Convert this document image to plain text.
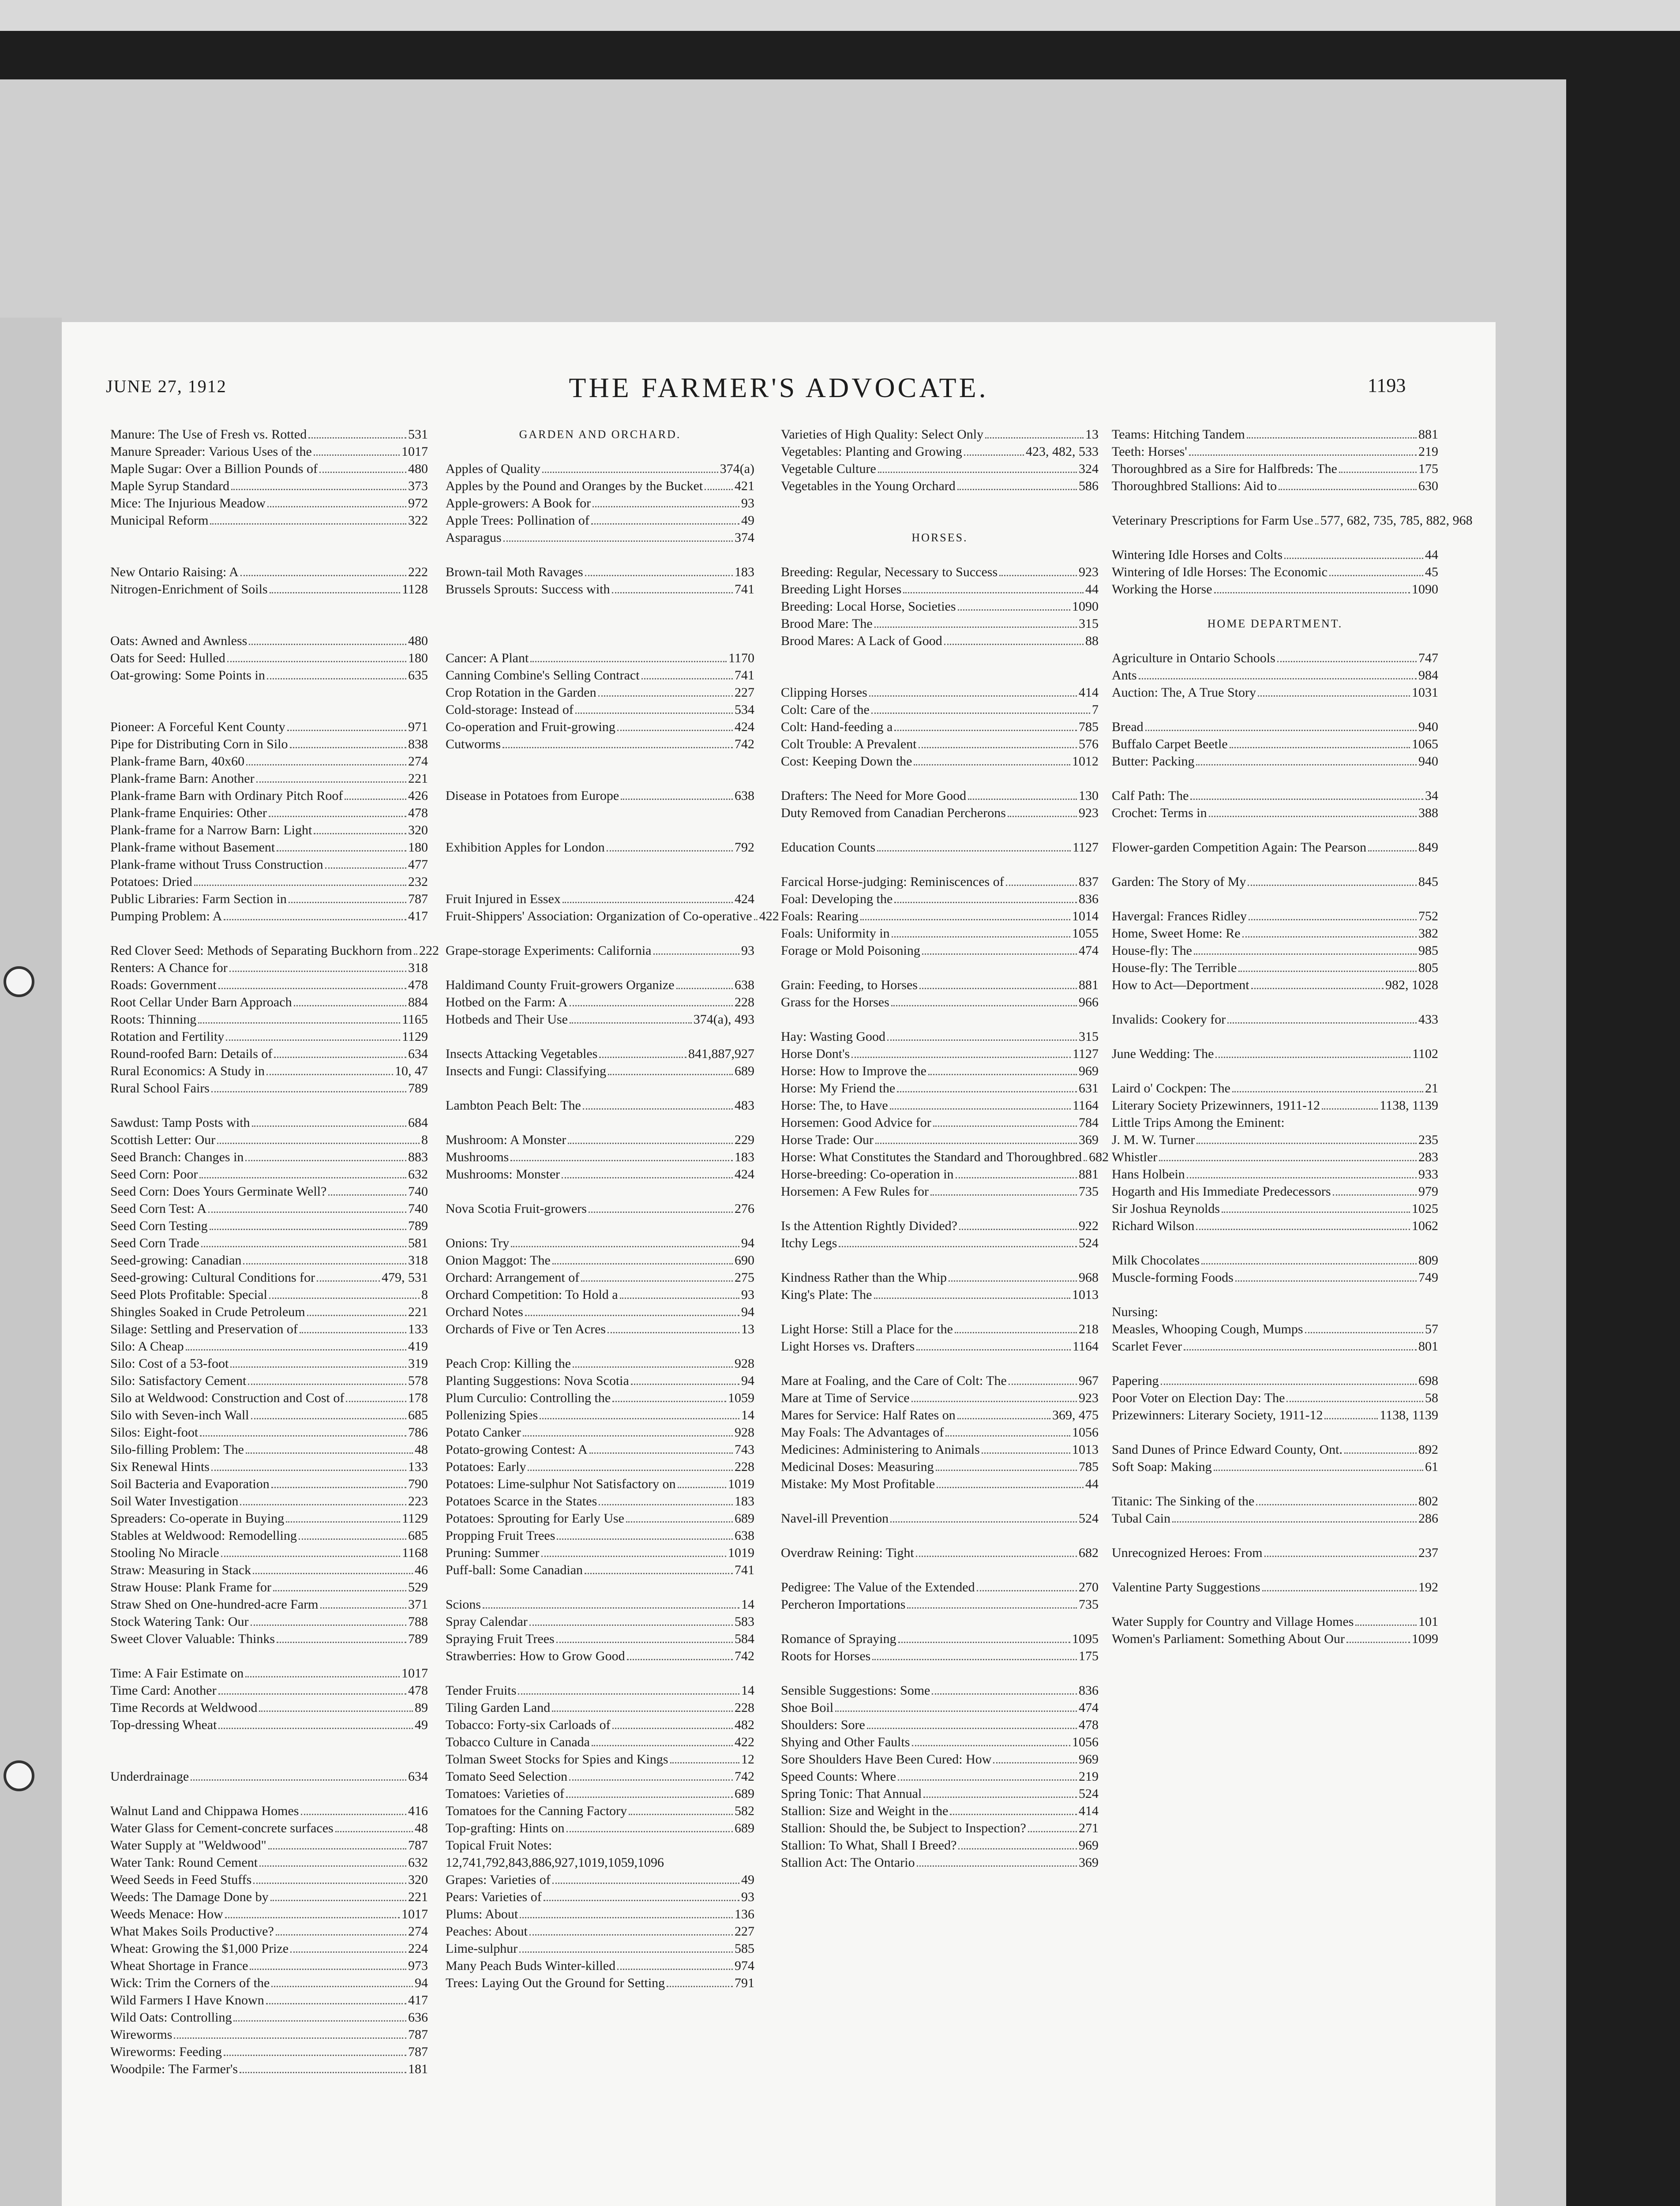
JUNE 27, 1912	THE FARMER'S ADVOCATE.	1193
Manure: The Use of Fresh vs. Rotted	531
Manure Spreader: Various Uses of the	1017
Maple Sugar: Over a Billion Pounds of	480
Maple Syrup Standard	373
Mice: The Injurious Meadow	972
Municipal Reform	322
New Ontario Raising: A	222
Nitrogen-Enrichment of Soils	1128
Oats: Awned and Awnless	480
Oats for Seed: Hulled	180
Oat-growing: Some Points in	635
Pioneer: A Forceful Kent County	971
Pipe for Distributing Corn in Silo	838
Plank-frame Barn, 40x60	274
Plank-frame Barn: Another	221
Plank-frame Barn with Ordinary Pitch Roof	426
Plank-frame Enquiries: Other	478
Plank-frame for a Narrow Barn: Light	320
Plank-frame without Basement	180
Plank-frame without Truss Construction	477
Potatoes: Dried	232
Public Libraries: Farm Section in	787
Pumping Problem: A	417
Red Clover Seed: Methods of Separating Buckhorn from 222
Renters: A Chance for	318
Roads: Government	478
Root Cellar Under Barn Approach	884
Roots: Thinning	1165
Rotation and Fertility	1129
Round-roofed Barn: Details of	634
Rural Economics: A Study in	10, 47
Rural School Fairs	789
Sawdust: Tamp Posts with	684
Scottish Letter: Our	8
Seed Branch: Changes in	883
Seed Corn: Poor	632
Seed Corn: Does Yours Germinate Well?	740
Seed Corn Test: A	740
Seed Corn Testing	789
Seed Corn Trade	581
Seed-growing: Canadian	318
Seed-growing: Cultural Conditions for	479, 531
Seed Plots Profitable: Special	8
Shingles Soaked in Crude Petroleum	221
Silage: Settling and Preservation of	133
Silo: A Cheap	419
Silo: Cost of a 53-foot	319
Silo: Satisfactory Cement	578
Silo at Weldwood: Construction and Cost of	178
Silo with Seven-inch Wall	685
Silos: Eight-foot	786
Silo-filling Problem: The	48
Six Renewal Hints	133
Soil Bacteria and Evaporation	790
Soil Water Investigation	223
Spreaders: Co-operate in Buying	1129
Stables at Weldwood: Remodelling	685
Stooling No Miracle	1168
Straw: Measuring in Stack	46
Straw House: Plank Frame for	529
Straw Shed on One-hundred-acre Farm	371
Stock Watering Tank: Our	788
Sweet Clover Valuable: Thinks	789
Time: A Fair Estimate on	1017
Time Card: Another	478
Time Records at Weldwood	89
Top-dressing Wheat	49
Underdrainage	634
Walnut Land and Chippawa Homes	416
Water Glass for Cement-concrete surfaces	48
Water Supply at "Weldwood"	787
Water Tank: Round Cement	632
Weed Seeds in Feed Stuffs	320
Weeds: The Damage Done by	221
Weeds Menace: How	1017
What Makes Soils Productive?	274
Wheat: Growing the $1,000 Prize	224
Wheat Shortage in France	973
Wick: Trim the Corners of the	94
Wild Farmers I Have Known	417
Wild Oats: Controlling	636
Wireworms	787
Wireworms: Feeding	787
Woodpile: The Farmer's	181
GARDEN AND ORCHARD.
Apples of Quality	374(a)
Apples by the Pound and Oranges by the Bucket 421
Apple-growers: A Book for	93
Apple Trees: Pollination of	49
Asparagus	374
Brown-tail Moth Ravages	183
Brussels Sprouts: Success with	741
Cancer: A Plant	1170
Canning Combine's Selling Contract	741
Crop Rotation in the Garden	227
Cold-storage: Instead of	534
Co-operation and Fruit-growing	424
Cutworms	742
Disease in Potatoes from Europe	638
Exhibition Apples for London	792
Fruit Injured in Essex	424
Fruit-Shippers' Association: Organization of Co-operative 422
Grape-storage Experiments: California	93
Haldimand County Fruit-growers Organize	638
Hotbed on the Farm: A	228
Hotbeds and Their Use	374(a), 493
Insects Attacking Vegetables	841,887,927
Insects and Fungi: Classifying	689
Lambton Peach Belt: The	483
Mushroom: A Monster	229
Mushrooms	183
Mushrooms: Monster	424
Nova Scotia Fruit-growers	276
Onions: Try	94
Onion Maggot: The	690
Orchard: Arrangement of	275
Orchard Competition: To Hold a	93
Orchard Notes	94
Orchards of Five or Ten Acres	13
Peach Crop: Killing the	928
Planting Suggestions: Nova Scotia	94
Plum Curculio: Controlling the	1059
Pollenizing Spies	14
Potato Canker	928
Potato-growing Contest: A	743
Potatoes: Early	228
Potatoes: Lime-sulphur Not Satisfactory on	1019
Potatoes Scarce in the States	183
Potatoes: Sprouting for Early Use	689
Propping Fruit Trees	638
Pruning: Summer	1019
Puff-ball: Some Canadian	741
Scions	14
Spray Calendar	583
Spraying Fruit Trees	584
Strawberries: How to Grow Good	742
Tender Fruits	14
Tiling Garden Land	228
Tobacco: Forty-six Carloads of	482
Tobacco Culture in Canada	422
Tolman Sweet Stocks for Spies and Kings	12
Tomato Seed Selection	742
Tomatoes: Varieties of	689
Tomatoes for the Canning Factory	582
Top-grafting: Hints on	689
Topical Fruit Notes:
12,741,792,843,886,927,1019,1059,1096
Grapes: Varieties of	49
Pears: Varieties of	93
Plums: About	136
Peaches: About	227
Lime-sulphur	585
Many Peach Buds Winter-killed	974
Trees: Laying Out the Ground for Setting	791
Varieties of High Quality: Select Only	13
Vegetables: Planting and Growing	423, 482, 533
Vegetable Culture	324
Vegetables in the Young Orchard	586
HORSES.
Breeding: Regular, Necessary to Success	923
Breeding Light Horses	44
Breeding: Local Horse, Societies	1090
Brood Mare: The	315
Brood Mares: A Lack of Good	88
Clipping Horses	414
Colt: Care of the	7
Colt: Hand-feeding a	785
Colt Trouble: A Prevalent	576
Cost: Keeping Down the	1012
Drafters: The Need for More Good	130
Duty Removed from Canadian Percherons	923
Education Counts	1127
Farcical Horse-judging: Reminiscences of	837
Foal: Developing the	836
Foals: Rearing	1014
Foals: Uniformity in	1055
Forage or Mold Poisoning	474
Grain: Feeding, to Horses	881
Grass for the Horses	966
Hay: Wasting Good	315
Horse Dont's	1127
Horse: How to Improve the	969
Horse: My Friend the	631
Horse: The, to Have	1164
Horsemen: Good Advice for	784
Horse Trade: Our	369
Horse: What Constitutes the Standard and Thoroughbred 682
Horse-breeding: Co-operation in	881
Horsemen: A Few Rules for	735
Is the Attention Rightly Divided?	922
Itchy Legs	524
Kindness Rather than the Whip	968
King's Plate: The	1013
Light Horse: Still a Place for the	218
Light Horses vs. Drafters	1164
Mare at Foaling, and the Care of Colt: The	967
Mare at Time of Service	923
Mares for Service: Half Rates on	369, 475
May Foals: The Advantages of	1056
Medicines: Administering to Animals	1013
Medicinal Doses: Measuring	785
Mistake: My Most Profitable	44
Navel-ill Prevention	524
Overdraw Reining: Tight	682
Pedigree: The Value of the Extended	270
Percheron Importations	735
Romance of Spraying	1095
Roots for Horses	175
Sensible Suggestions: Some	836
Shoe Boil	474
Shoulders: Sore	478
Shying and Other Faults	1056
Sore Shoulders Have Been Cured: How	969
Speed Counts: Where	219
Spring Tonic: That Annual	524
Stallion: Size and Weight in the	414
Stallion: Should the, be Subject to Inspection?	271
Stallion: To What, Shall I Breed?	969
Stallion Act: The Ontario	369
Teams: Hitching Tandem	881
Teeth: Horses'	219
Thoroughbred as a Sire for Halfbreds: The	175
Thoroughbred Stallions: Aid to	630
Veterinary Prescriptions for Farm Use 577, 682, 735, 785, 882, 968
Wintering Idle Horses and Colts	44
Wintering of Idle Horses: The Economic	45
Working the Horse	1090
HOME DEPARTMENT.
Agriculture in Ontario Schools	747
Ants	984
Auction: The, A True Story	1031
Bread	940
Buffalo Carpet Beetle	1065
Butter: Packing	940
Calf Path: The	34
Crochet: Terms in	388
Flower-garden Competition Again: The Pearson	849
Garden: The Story of My	845
Havergal: Frances Ridley	752
Home, Sweet Home: Re	382
House-fly: The	985
House-fly: The Terrible	805
How to Act—Deportment	982, 1028
Invalids: Cookery for	433
June Wedding: The	1102
Laird o' Cockpen: The	21
Literary Society Prizewinners, 1911-12	1138, 1139
Little Trips Among the Eminent:
J. M. W. Turner	235
Whistler	283
Hans Holbein	933
Hogarth and His Immediate Predecessors	979
Sir Joshua Reynolds	1025
Richard Wilson	1062
Milk Chocolates	809
Muscle-forming Foods	749
Nursing:
Measles, Whooping Cough, Mumps	57
Scarlet Fever	801
Papering	698
Poor Voter on Election Day: The	58
Prizewinners: Literary Society, 1911-12	1138, 1139
Sand Dunes of Prince Edward County, Ont.	892
Soft Soap: Making	61
Titanic: The Sinking of the	802
Tubal Cain	286
Unrecognized Heroes: From	237
Valentine Party Suggestions	192
Water Supply for Country and Village Homes	101
Women's Parliament: Something About Our	1099
